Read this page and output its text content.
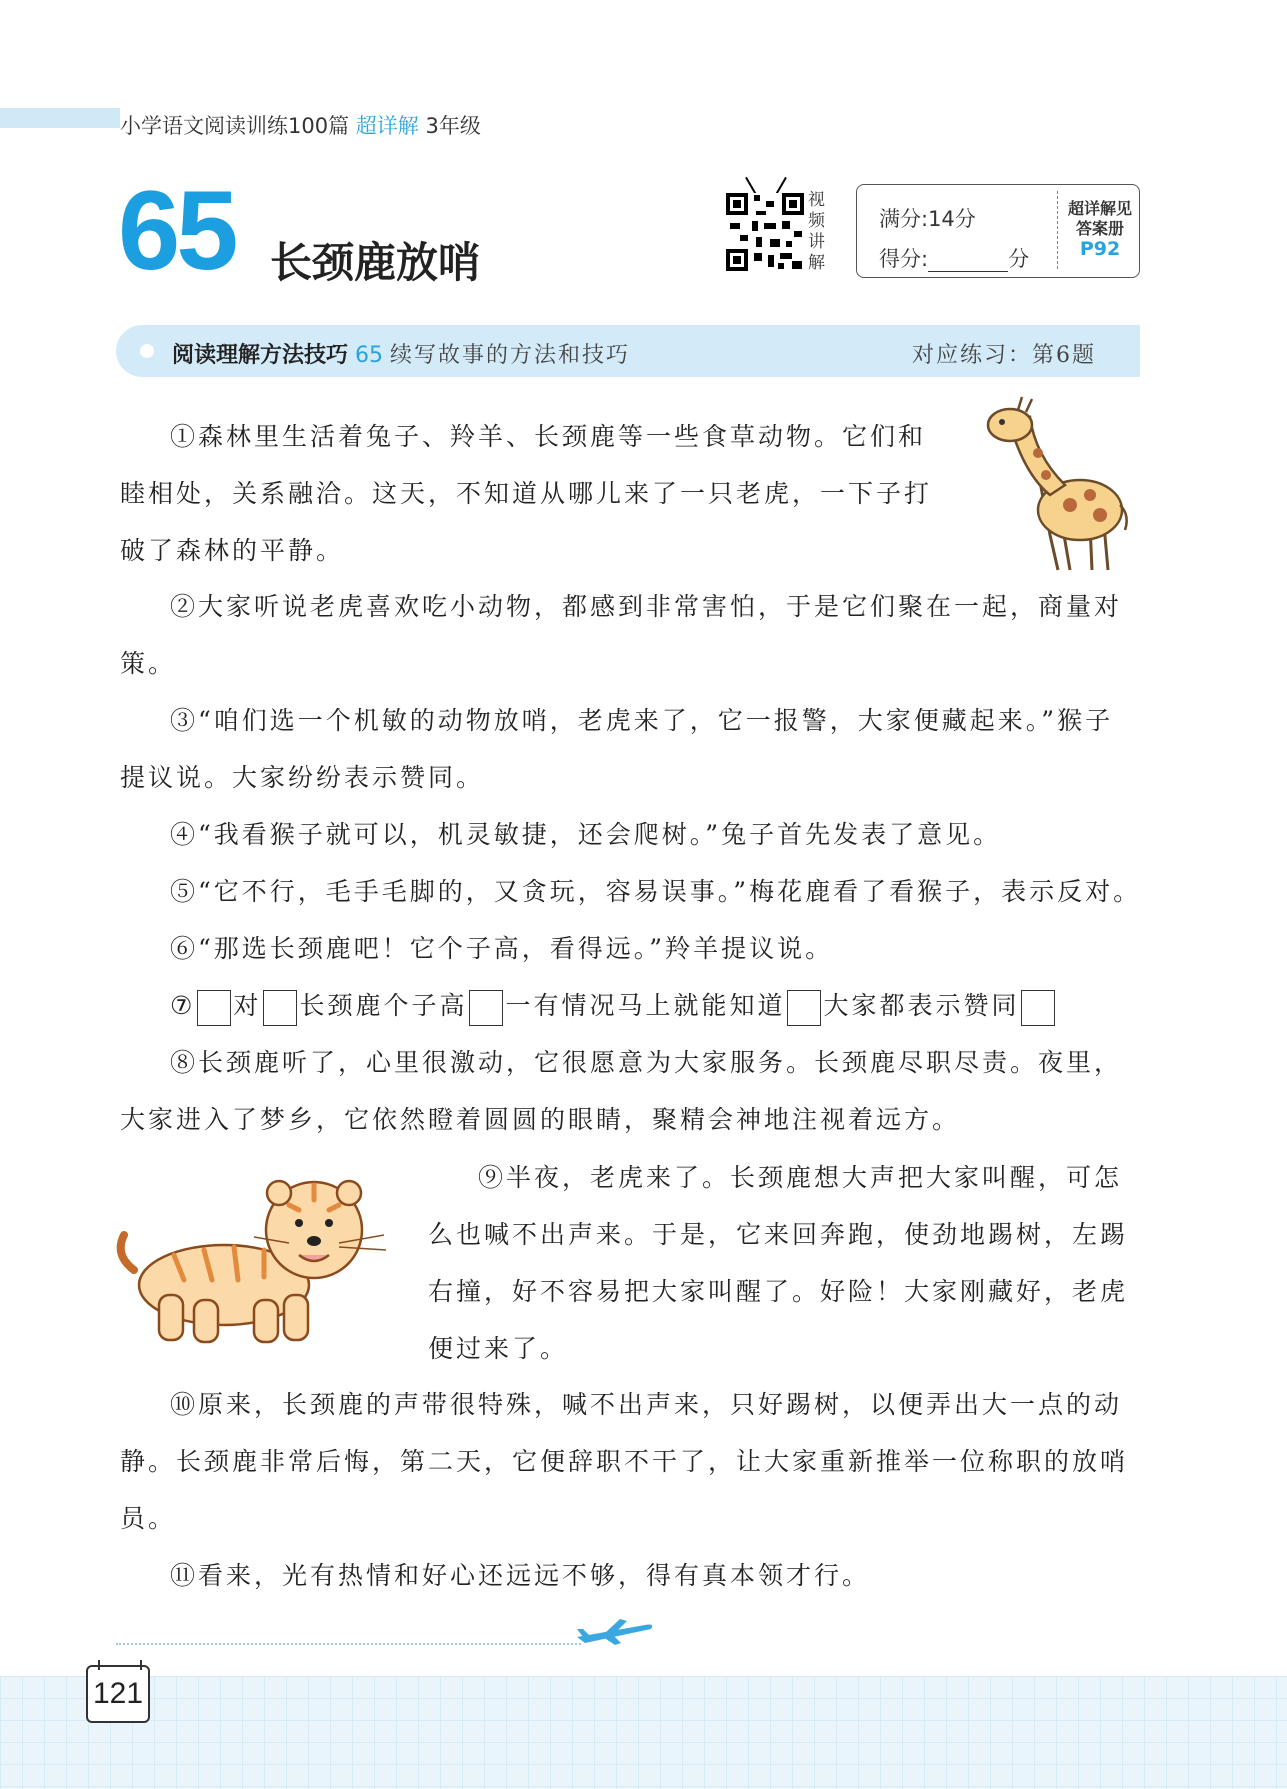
小学语文阅读训练100篇 超详解 3年级
65 长颈鹿放哨
视
频
讲
解
满分:14分
得分:	分
超详解见
答案册
P92
阅读理解方法技巧 65 续写故事的方法和技巧	对应练习：第6题

①森林里生活着兔子、羚羊、长颈鹿等一些食草动物。它们和睦相处，关系融洽。这天，不知道从哪儿来了一只老虎，一下子打破了森林的平静。

②大家听说老虎喜欢吃小动物，都感到非常害怕，于是它们聚在一起，商量对策。

③“咱们选一个机敏的动物放哨，老虎来了，它一报警，大家便藏起来。”猴子提议说。大家纷纷表示赞同。

④“我看猴子就可以，机灵敏捷，还会爬树。”兔子首先发表了意见。

⑤“它不行，毛手毛脚的，又贪玩，容易误事。”梅花鹿看了看猴子，表示反对。

⑥“那选长颈鹿吧！它个子高，看得远。”羚羊提议说。

⑦ 对 长颈鹿个子高 一有情况马上就能知道 大家都表示赞同

⑧长颈鹿听了，心里很激动，它很愿意为大家服务。长颈鹿尽职尽责。夜里，大家进入了梦乡，它依然瞪着圆圆的眼睛，聚精会神地注视着远方。

⑨半夜，老虎来了。长颈鹿想大声把大家叫醒，可怎么也喊不出声来。于是，它来回奔跑，使劲地踢树，左踢右撞，好不容易把大家叫醒了。好险！大家刚藏好，老虎便过来了。

⑩原来，长颈鹿的声带很特殊，喊不出声来，只好踢树，以便弄出大一点的动静。长颈鹿非常后悔，第二天，它便辞职不干了，让大家重新推举一位称职的放哨员。

⑪看来，光有热情和好心还远远不够，得有真本领才行。

121
